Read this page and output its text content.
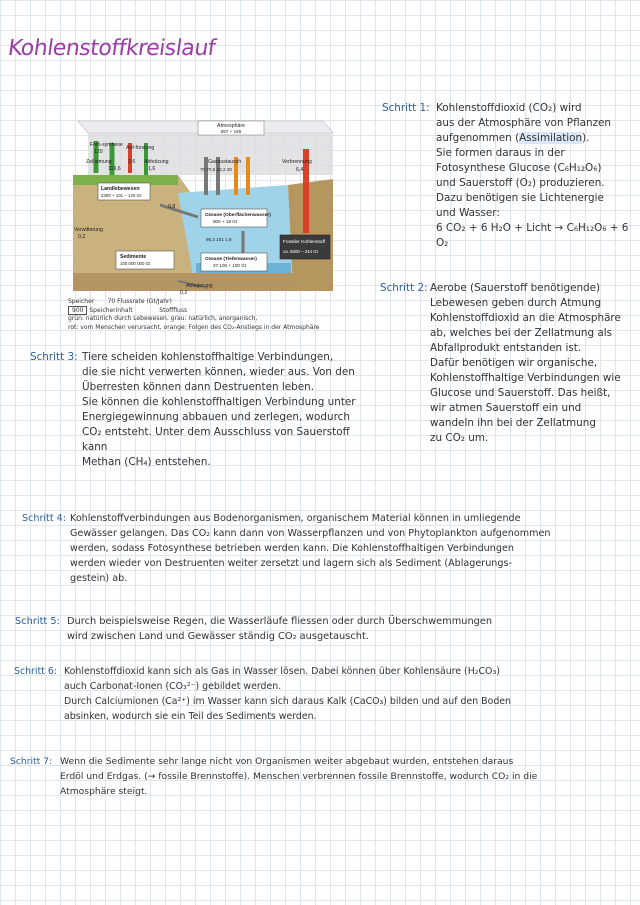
Kohlenstoffkreislauf
Atmosphäre
597 + 165
Foto-synthese
120
Zellatmung
119,6
Auf-forstung
2,6 Abholzung
1,6
Gasaustausch
70 70,6 22,2 20
Verbrennung
6,4
Landlebewesen
2300 + 101 – 140 Gt
Verwitterung
0,2
0,8
Ozeane (Oberflächenwasser)
900 + 18 Gt
90,2 101 1,6
Ozeane (Tiefenwasser)
37 100 + 100 Gt
Sedimente
100 000 000 Gt
Fossiler Kohlenstoff
ca. 5000 – 244 Gt
Ablagerung
0,2

Speicher 70 Flussrate (Gt/Jahr)

900 Speicherinhalt	Stofffluss

grün: natürlich durch Lebewesen, grau: natürlich, anorganisch,

rot: vom Menschen verursacht, orange: Folgen des CO₂-Anstiegs in der Atmosphäre

Schritt 1: Kohlenstoffdioxid (CO₂) wird

aus der Atmosphäre von Pflanzen

aufgenommen (Assimilation).

Sie formen daraus in der

Fotosynthese Glucose (C₆H₁₂O₆)

und Sauerstoff (O₂) produzieren.

Dazu benötigen sie Lichtenergie

und Wasser:

6 CO₂ + 6 H₂O + Licht → C₆H₁₂O₆ + 6 O₂

Schritt 2: Aerobe (Sauerstoff benötigende)

Lebewesen geben durch Atmung

Kohlenstoffdioxid an die Atmosphäre

ab, welches bei der Zellatmung als

Abfallprodukt entstanden ist.

Dafür benötigen wir organische,

Kohlenstoffhaltige Verbindungen wie

Glucose und Sauerstoff. Das heißt,

wir atmen Sauerstoff ein und

wandeln ihn bei der Zellatmung

zu CO₂ um.

Schritt 3: Tiere scheiden kohlenstoffhaltige Verbindungen,

die sie nicht verwerten können, wieder aus. Von den

Überresten können dann Destruenten leben.

Sie können die kohlenstoffhaltigen Verbindung unter

Energiegewinnung abbauen und zerlegen, wodurch

CO₂ entsteht. Unter dem Ausschluss von Sauerstoff kann

Methan (CH₄) entstehen.

Schritt 4: Kohlenstoffverbindungen aus Bodenorganismen, organischem Material können in umliegende

Gewässer gelangen. Das CO₂ kann dann von Wasserpflanzen und von Phytoplankton aufgenommen

werden, sodass Fotosynthese betrieben werden kann. Die Kohlenstoffhaltigen Verbindungen

werden wieder von Destruenten weiter zersetzt und lagern sich als Sediment (Ablagerungs-

gestein) ab.

Schritt 5: Durch beispielsweise Regen, die Wasserläufe fliessen oder durch Überschwemmungen

wird zwischen Land und Gewässer ständig CO₂ ausgetauscht.

Schritt 6: Kohlenstoffdioxid kann sich als Gas in Wasser lösen. Dabei können über Kohlensäure (H₂CO₃)

auch Carbonat-Ionen (CO₃²⁻) gebildet werden.

Durch Calciumionen (Ca²⁺) im Wasser kann sich daraus Kalk (CaCO₃) bilden und auf den Boden

absinken, wodurch sie ein Teil des Sediments werden.

Schritt 7: Wenn die Sedimente sehr lange nicht von Organismen weiter abgebaut wurden, entstehen daraus

Erdöl und Erdgas. (→ fossile Brennstoffe). Menschen verbrennen fossile Brennstoffe, wodurch CO₂ in die

Atmosphäre steigt.
